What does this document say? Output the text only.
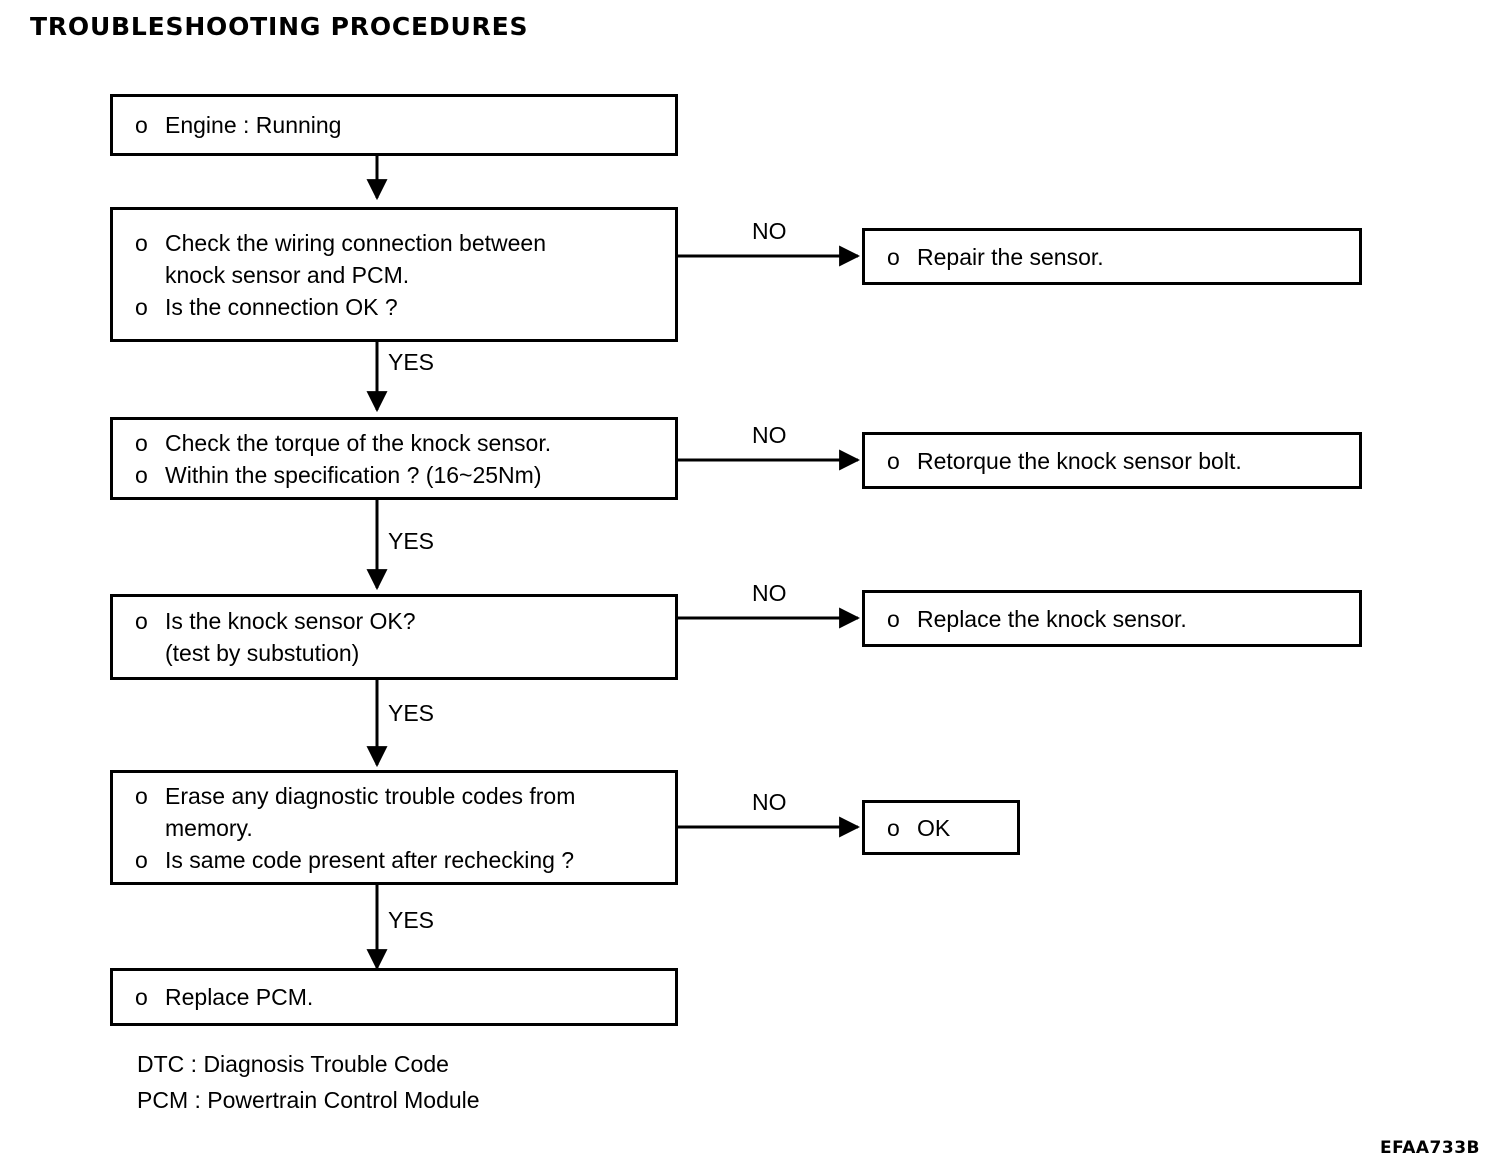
TROUBLESHOOTING PROCEDURES
o Engine : Running
o Check the wiring connection between
knock sensor and PCM.
o Is the connection OK ?
o Repair the sensor.
o Check the torque of the knock sensor.
o Within the specification ? (16~25Nm)
o Retorque the knock sensor bolt.
o Is the knock sensor OK?
(test by substution)
o Replace the knock sensor.
o Erase any diagnostic trouble codes from
memory.
o Is same code present after rechecking ?
o OK
o Replace PCM.
NO
NO
NO
NO
YES
YES
YES
YES
DTC : Diagnosis Trouble Code
PCM : Powertrain Control Module
EFAA733B
